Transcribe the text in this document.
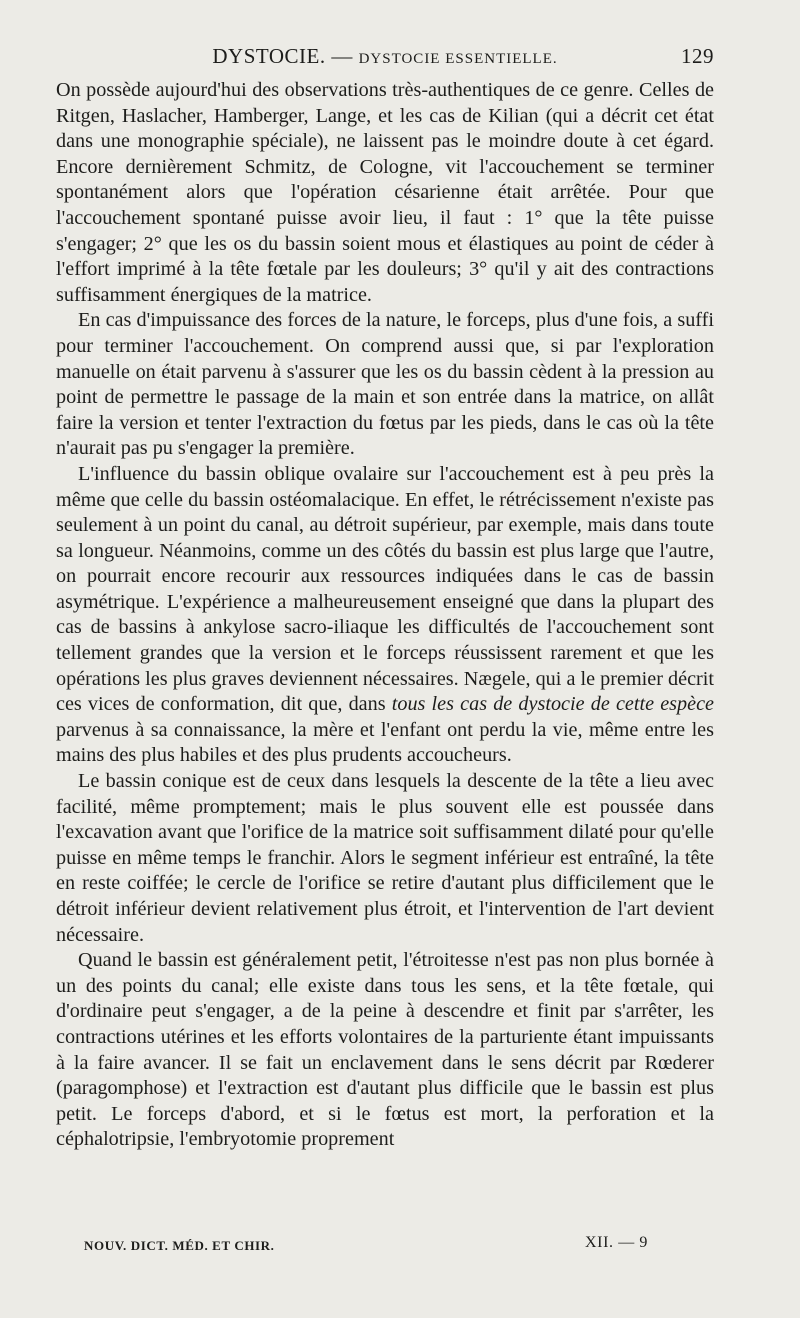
DYSTOCIE. — DYSTOCIE ESSENTIELLE.	129

On possède aujourd'hui des observations très-authentiques de ce genre. Celles de Ritgen, Haslacher, Hamberger, Lange, et les cas de Kilian (qui a décrit cet état dans une monographie spéciale), ne laissent pas le moindre doute à cet égard. Encore dernièrement Schmitz, de Cologne, vit l'accouchement se terminer spontanément alors que l'opération césarienne était arrêtée. Pour que l'accouchement spontané puisse avoir lieu, il faut : 1° que la tête puisse s'engager; 2° que les os du bassin soient mous et élastiques au point de céder à l'effort imprimé à la tête fœtale par les douleurs; 3° qu'il y ait des contractions suffisamment énergiques de la matrice.

En cas d'impuissance des forces de la nature, le forceps, plus d'une fois, a suffi pour terminer l'accouchement. On comprend aussi que, si par l'exploration manuelle on était parvenu à s'assurer que les os du bassin cèdent à la pression au point de permettre le passage de la main et son entrée dans la matrice, on allât faire la version et tenter l'extraction du fœtus par les pieds, dans le cas où la tête n'aurait pas pu s'engager la première.

L'influence du bassin oblique ovalaire sur l'accouchement est à peu près la même que celle du bassin ostéomalacique. En effet, le rétrécissement n'existe pas seulement à un point du canal, au détroit supérieur, par exemple, mais dans toute sa longueur. Néanmoins, comme un des côtés du bassin est plus large que l'autre, on pourrait encore recourir aux ressources indiquées dans le cas de bassin asymétrique. L'expérience a malheureusement enseigné que dans la plupart des cas de bassins à ankylose sacro-iliaque les difficultés de l'accouchement sont tellement grandes que la version et le forceps réussissent rarement et que les opérations les plus graves deviennent nécessaires. Nægele, qui a le premier décrit ces vices de conformation, dit que, dans tous les cas de dystocie de cette espèce parvenus à sa connaissance, la mère et l'enfant ont perdu la vie, même entre les mains des plus habiles et des plus prudents accoucheurs.

Le bassin conique est de ceux dans lesquels la descente de la tête a lieu avec facilité, même promptement; mais le plus souvent elle est poussée dans l'excavation avant que l'orifice de la matrice soit suffisamment dilaté pour qu'elle puisse en même temps le franchir. Alors le segment inférieur est entraîné, la tête en reste coiffée; le cercle de l'orifice se retire d'autant plus difficilement que le détroit inférieur devient relativement plus étroit, et l'intervention de l'art devient nécessaire.

Quand le bassin est généralement petit, l'étroitesse n'est pas non plus bornée à un des points du canal; elle existe dans tous les sens, et la tête fœtale, qui d'ordinaire peut s'engager, a de la peine à descendre et finit par s'arrêter, les contractions utérines et les efforts volontaires de la parturiente étant impuissants à la faire avancer. Il se fait un enclavement dans le sens décrit par Rœderer (paragomphose) et l'extraction est d'autant plus difficile que le bassin est plus petit. Le forceps d'abord, et si le fœtus est mort, la perforation et la céphalotripsie, l'embryotomie proprement

NOUV. DICT. MÉD. ET CHIR.	XII. — 9
